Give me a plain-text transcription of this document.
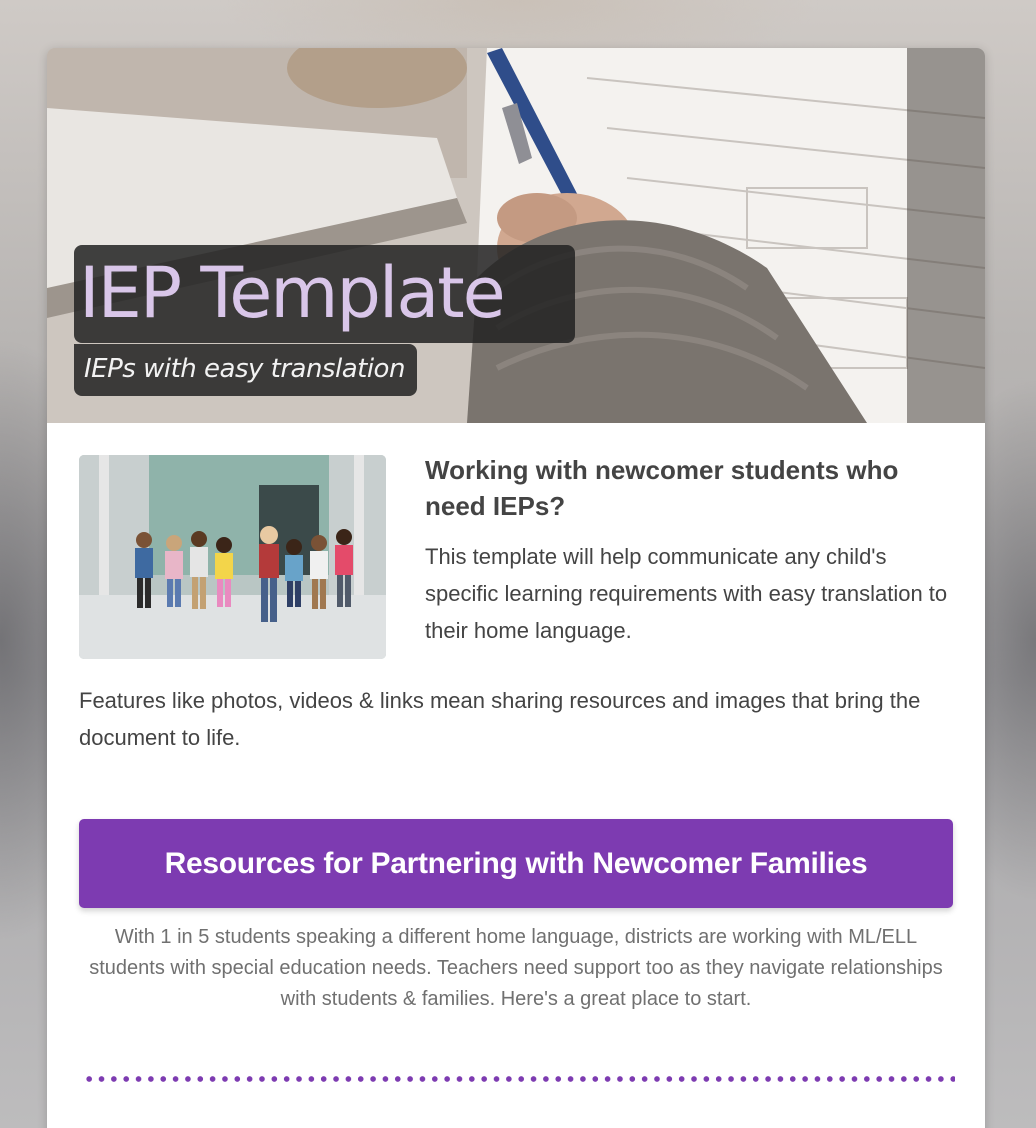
IEP Template
IEPs with easy translation
Working with newcomer students who need IEPs?
This template will help communicate any child's specific learning requirements with easy translation to their home language.
Features like photos, videos & links mean sharing resources and images that bring the document to life.
Resources for Partnering with Newcomer Families
With 1 in 5 students speaking a different home language, districts are working with ML/ELL students with special education needs. Teachers need support too as they navigate relationships with students & families. Here's a great place to start.
